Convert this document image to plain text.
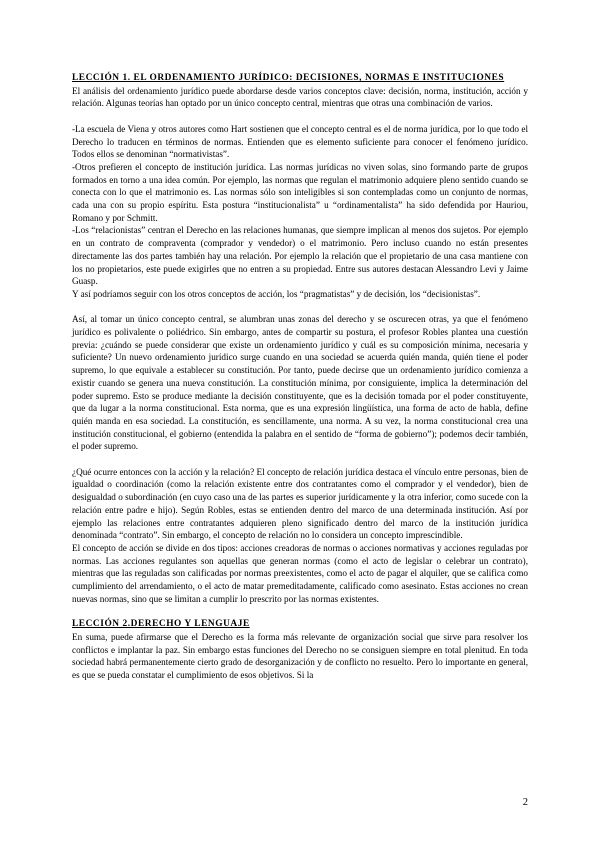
LECCIÓN 1. EL ORDENAMIENTO JURÍDICO: DECISIONES, NORMAS E INSTITUCIONES

El análisis del ordenamiento jurídico puede abordarse desde varios conceptos clave: decisión, norma, institución, acción y relación. Algunas teorías han optado por un único concepto central, mientras que otras una combinación de varios.

-La escuela de Viena y otros autores como Hart sostienen que el concepto central es el de norma jurídica, por lo que todo el Derecho lo traducen en términos de normas. Entienden que es elemento suficiente para conocer el fenómeno jurídico. Todos ellos se denominan “normativistas”.

-Otros prefieren el concepto de institución jurídica. Las normas jurídicas no viven solas, sino formando parte de grupos formados en torno a una idea común. Por ejemplo, las normas que regulan el matrimonio adquiere pleno sentido cuando se conecta con lo que el matrimonio es. Las normas sólo son inteligibles si son contempladas como un conjunto de normas, cada una con su propio espíritu. Esta postura “institucionalista” u “ordinamentalista” ha sido defendida por Hauriou, Romano y por Schmitt.

-Los “relacionistas” centran el Derecho en las relaciones humanas, que siempre implican al menos dos sujetos. Por ejemplo en un contrato de compraventa (comprador y vendedor) o el matrimonio. Pero incluso cuando no están presentes directamente las dos partes también hay una relación. Por ejemplo la relación que el propietario de una casa mantiene con los no propietarios, este puede exigirles que no entren a su propiedad. Entre sus autores destacan Alessandro Levi y Jaime Guasp.

Y así podríamos seguir con los otros conceptos de acción, los “pragmatistas” y de decisión, los “decisionistas”.

Así, al tomar un único concepto central, se alumbran unas zonas del derecho y se oscurecen otras, ya que el fenómeno jurídico es polivalente o poliédrico. Sin embargo, antes de compartir su postura, el profesor Robles plantea una cuestión previa: ¿cuándo se puede considerar que existe un ordenamiento jurídico y cuál es su composición mínima, necesaria y suficiente? Un nuevo ordenamiento jurídico surge cuando en una sociedad se acuerda quién manda, quién tiene el poder supremo, lo que equivale a establecer su constitución. Por tanto, puede decirse que un ordenamiento jurídico comienza a existir cuando se genera una nueva constitución. La constitución mínima, por consiguiente, implica la determinación del poder supremo. Esto se produce mediante la decisión constituyente, que es la decisión tomada por el poder constituyente, que da lugar a la norma constitucional. Esta norma, que es una expresión lingüística, una forma de acto de habla, define quién manda en esa sociedad. La constitución, es sencillamente, una norma. A su vez, la norma constitucional crea una institución constitucional, el gobierno (entendida la palabra en el sentido de “forma de gobierno”); podemos decir también, el poder supremo.

¿Qué ocurre entonces con la acción y la relación? El concepto de relación jurídica destaca el vínculo entre personas, bien de igualdad o coordinación (como la relación existente entre dos contratantes como el comprador y el vendedor), bien de desigualdad o subordinación (en cuyo caso una de las partes es superior jurídicamente y la otra inferior, como sucede con la relación entre padre e hijo). Según Robles, estas se entienden dentro del marco de una determinada institución. Así por ejemplo las relaciones entre contratantes adquieren pleno significado dentro del marco de la institución jurídica denominada “contrato”. Sin embargo, el concepto de relación no lo considera un concepto imprescindible.

El concepto de acción se divide en dos tipos: acciones creadoras de normas o acciones normativas y acciones reguladas por normas. Las acciones regulantes son aquellas que generan normas (como el acto de legislar o celebrar un contrato), mientras que las reguladas son calificadas por normas preexistentes, como el acto de pagar el alquiler, que se califica como cumplimiento del arrendamiento, o el acto de matar premeditadamente, calificado como asesinato. Estas acciones no crean nuevas normas, sino que se limitan a cumplir lo prescrito por las normas existentes.

LECCIÓN 2.DERECHO Y LENGUAJE

En suma, puede afirmarse que el Derecho es la forma más relevante de organización social que sirve para resolver los conflictos e implantar la paz. Sin embargo estas funciones del Derecho no se consiguen siempre en total plenitud. En toda sociedad habrá permanentemente cierto grado de desorganización y de conflicto no resuelto. Pero lo importante en general, es que se pueda constatar el cumplimiento de esos objetivos. Si la

2
